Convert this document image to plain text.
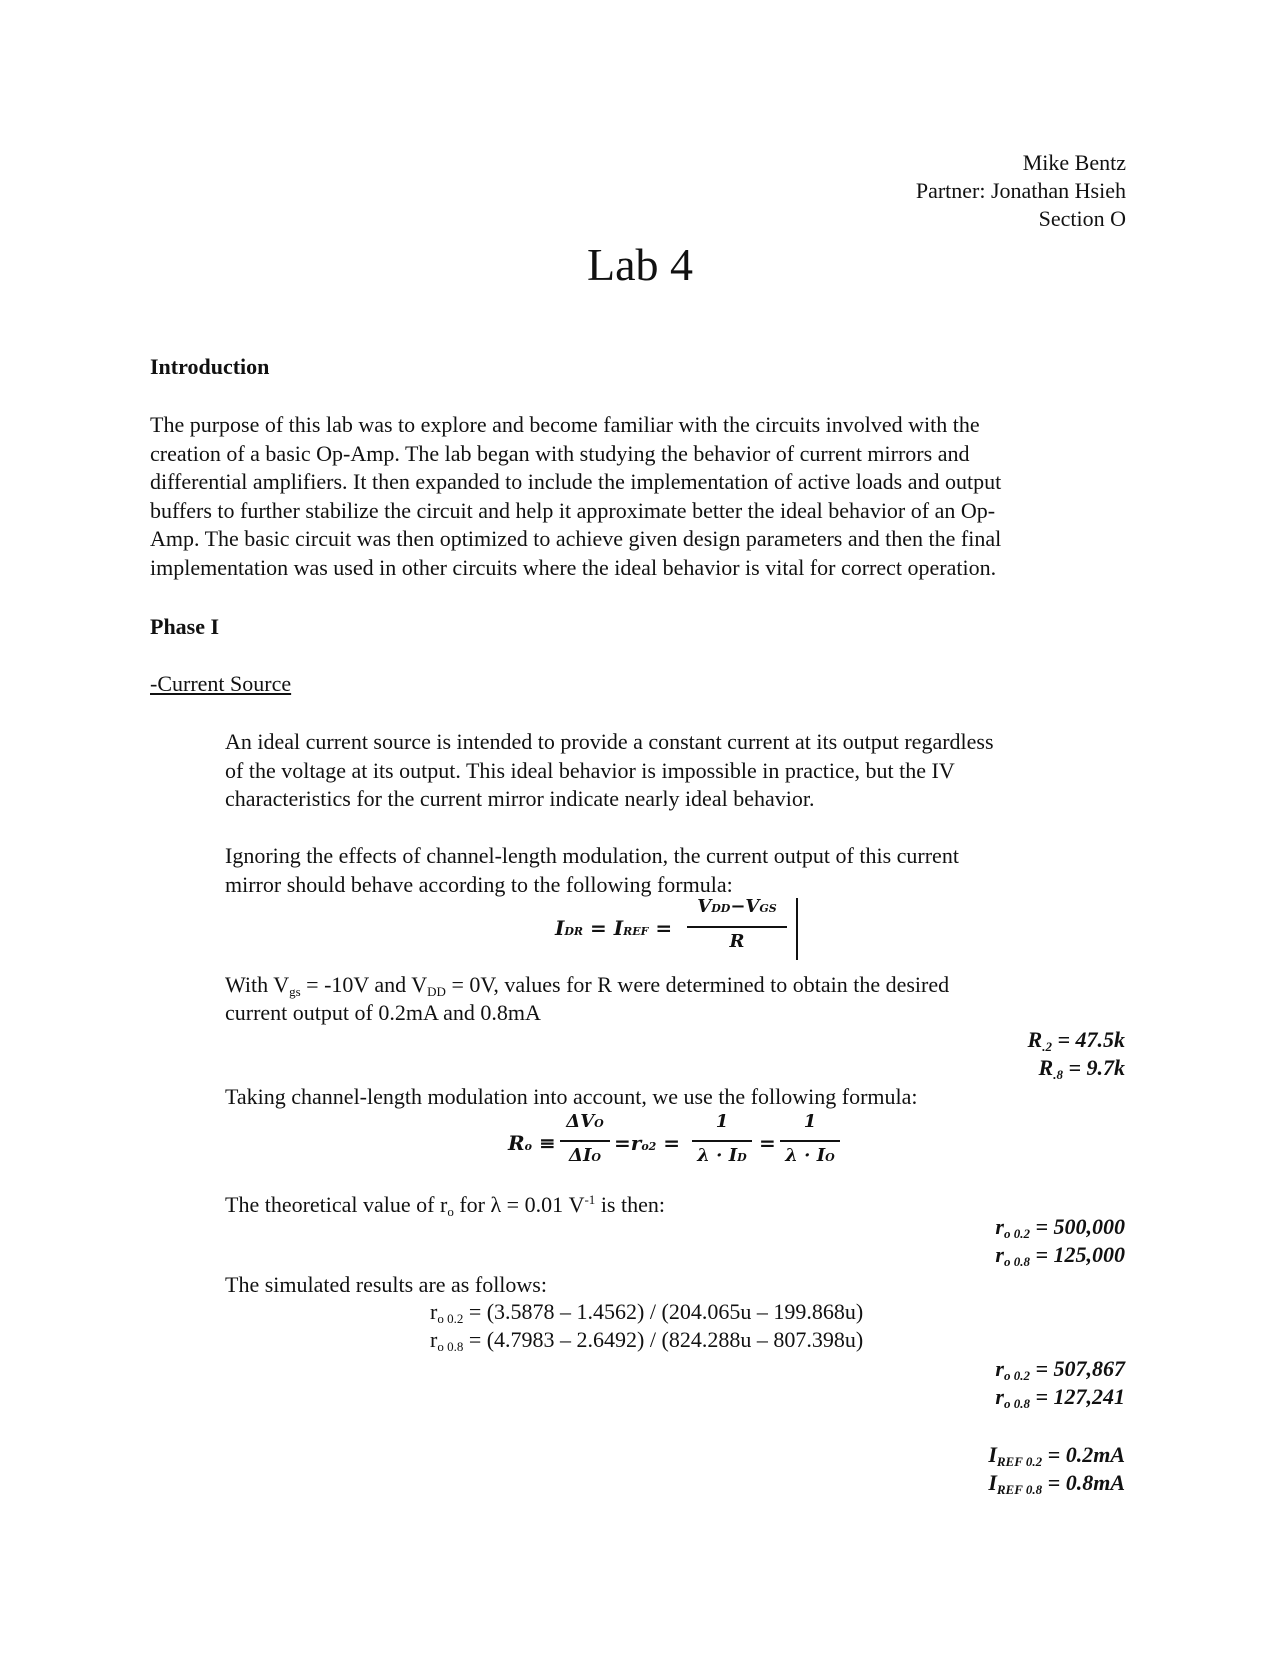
Mike Bentz
Partner: Jonathan Hsieh
Section O
Lab 4
Introduction
The purpose of this lab was to explore and become familiar with the circuits involved with the
creation of a basic Op-Amp. The lab began with studying the behavior of current mirrors and
differential amplifiers. It then expanded to include the implementation of active loads and output
buffers to further stabilize the circuit and help it approximate better the ideal behavior of an Op-
Amp. The basic circuit was then optimized to achieve given design parameters and then the final
implementation was used in other circuits where the ideal behavior is vital for correct operation.
Phase I
-Current Source
An ideal current source is intended to provide a constant current at its output regardless
of the voltage at its output. This ideal behavior is impossible in practice, but the IV
characteristics for the current mirror indicate nearly ideal behavior.
Ignoring the effects of channel-length modulation, the current output of this current
mirror should behave according to the following formula:
IDR = IREF =
VDD−VGS
R
With $V_{gs} = -10V$ and $V_{DD} = 0V$, values for R were determined to obtain the desired
current output of 0.2mA and 0.8mA
$R_{.2} = 47.5k$
$R_{.8} = 9.7k$
Taking channel-length modulation into account, we use the following formula:
Ro ≡
ΔVO
ΔIO
=ro2 =
1
λ · ID
=
1
λ · IO
The theoretical value of $r_o$ for λ = 0.01 $V^{-1}$ is then:
$r_{o 0.2} = 500,000$
$r_{o 0.8} = 125,000$
The simulated results are as follows:
$r_{o 0.2} = (3.5878 - 1.4562) / (204.065u - 199.868u)$
$r_{o 0.8} = (4.7983 - 2.6492) / (824.288u - 807.398u)$
$r_{o 0.2} = 507,867$
$r_{o 0.8} = 127,241$
$I_{REF 0.2} = 0.2mA$
$I_{REF 0.8} = 0.8mA$
